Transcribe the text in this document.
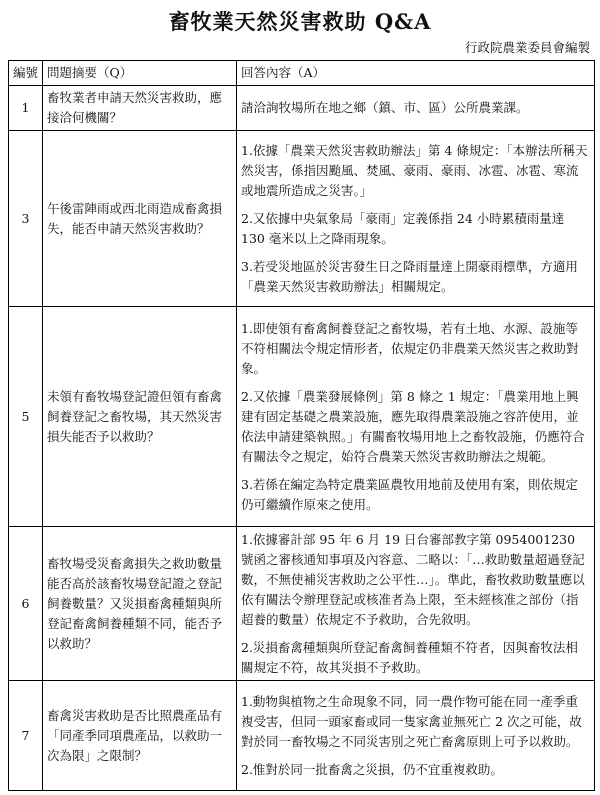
畜牧業天然災害救助 Q&A
行政院農業委員會編製
編號	問題摘要（Q）	回答內容（A）
1	畜牧業者申請天然災害救助，應接洽何機關？	請洽詢牧場所在地之鄉（鎮、市、區）公所農業課。

3	午後雷陣雨或西北雨造成畜禽損失，能否申請天然災害救助？	1.依據「農業天然災害救助辦法」第 4 條規定：「本辦法所稱天然災害，係指因颱風、焚風、豪雨、豪雨、冰雹、冰雹、寒流或地震所造成之災害。」

2.又依據中央氣象局「豪雨」定義係指 24 小時累積雨量達 130 毫米以上之降雨現象。

3.若受災地區於災害發生日之降雨量達上開豪雨標準，方適用「農業天然災害救助辦法」相關規定。

5	未領有畜牧場登記證但領有畜禽飼養登記之畜牧場，其天然災害損失能否予以救助？	1.即使領有畜禽飼養登記之畜牧場，若有土地、水源、設施等不符相關法令規定情形者，依規定仍非農業天然災害之救助對象。

2.又依據「農業發展條例」第 8 條之 1 規定：「農業用地上興建有固定基礎之農業設施，應先取得農業設施之容許使用，並依法申請建築執照。」有關畜牧場用地上之畜牧設施，仍應符合有關法令之規定，始符合農業天然災害救助辦法之規範。

3.若係在編定為特定農業區農牧用地前及使用有案，則依規定仍可繼續作原來之使用。

6	畜牧場受災畜禽損失之救助數量能否高於該畜牧場登記證之登記飼養數量？又災損畜禽種類與所登記畜禽飼養種類不同，能否予以救助？	1.依據審計部 95 年 6 月 19 日台審部教字第 0954001230 號函之審核通知事項及內容意、二略以：「…救助數量超過登記數，不無使補災害救助之公平性…」。準此，畜牧救助數量應以依有關法令辦理登記或核准者為上限，至未經核准之部份（指超養的數量）依規定不予救助，合先敘明。

2.災損畜禽種類與所登記畜禽飼養種類不符者，因與畜牧法相關規定不符，故其災損不予救助。

7	畜禽災害救助是否比照農產品有「同產季同項農產品，以救助一次為限」之限制？	1.動物與植物之生命現象不同，同一農作物可能在同一產季重複受害，但同一頭家畜或同一隻家禽並無死亡 2 次之可能，故對於同一畜牧場之不同災害別之死亡畜禽原則上可予以救助。

2.惟對於同一批畜禽之災損，仍不宜重複救助。
